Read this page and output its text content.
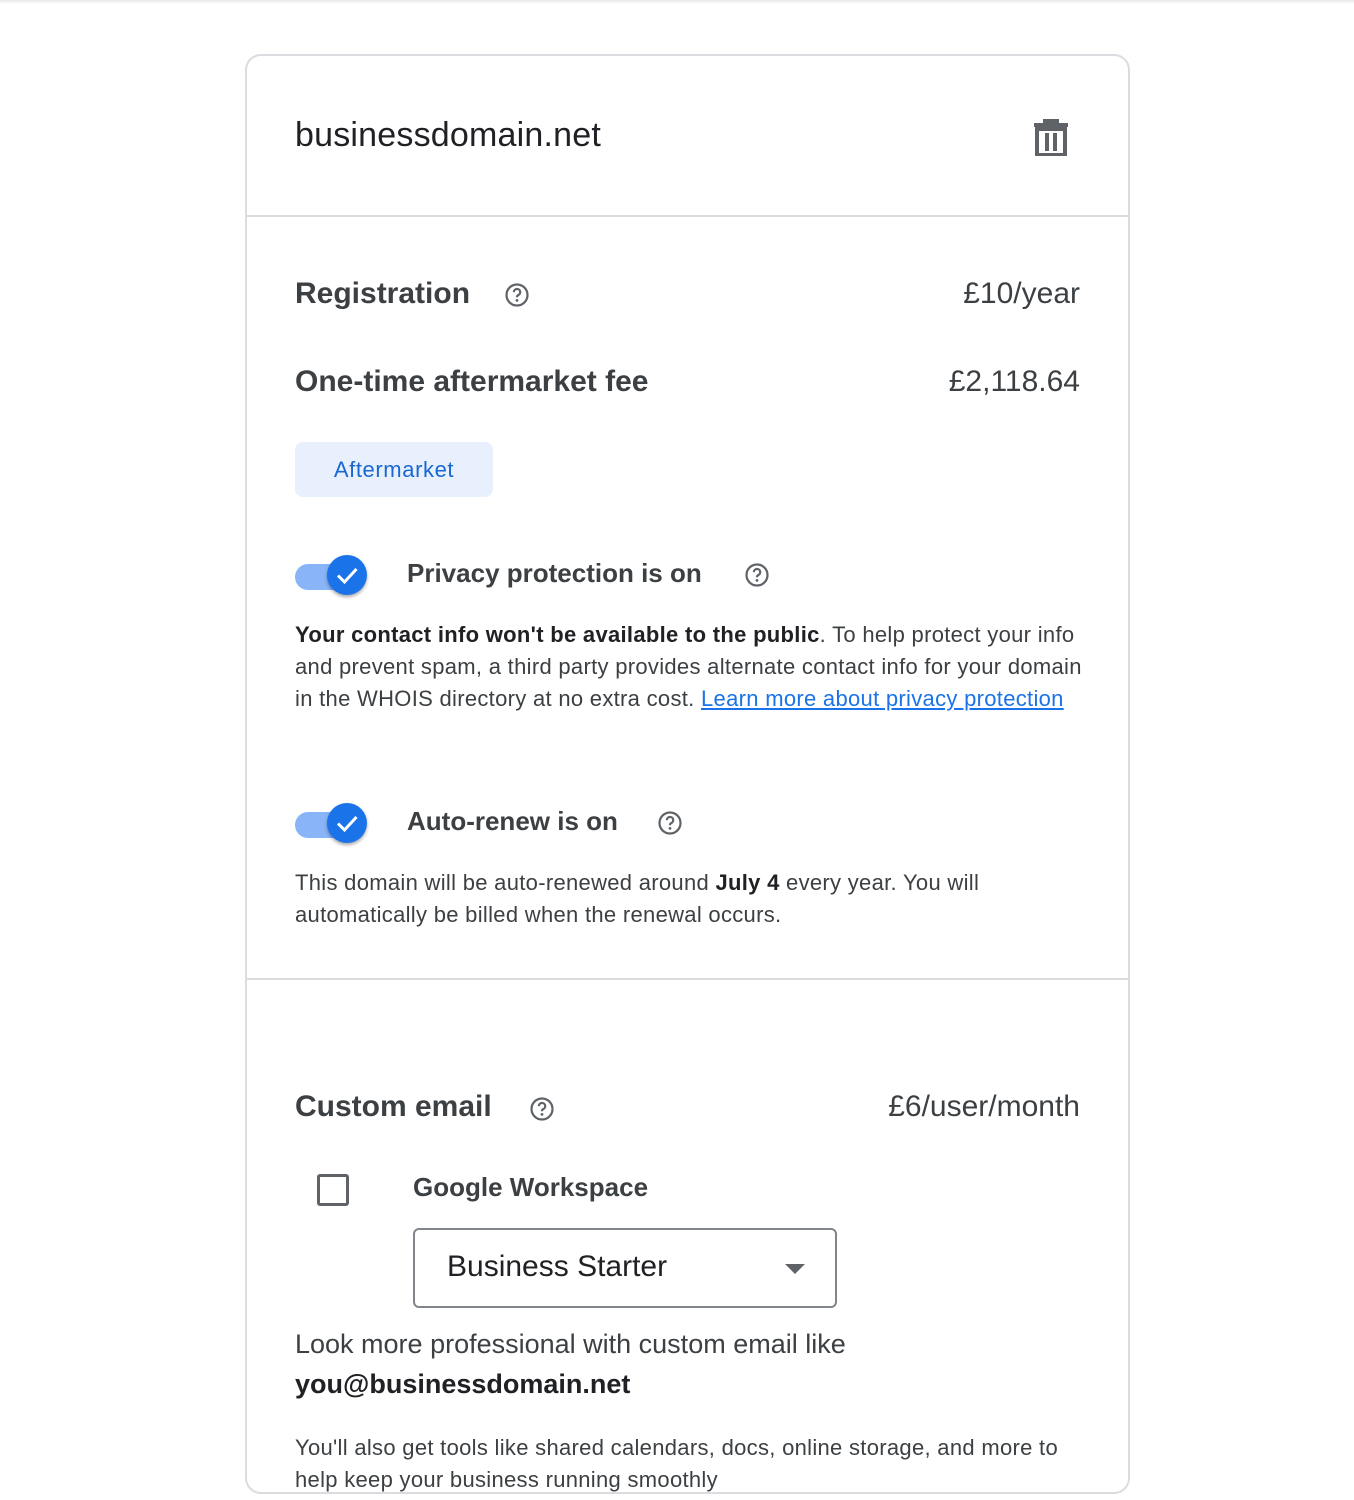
businessdomain.net
Registration	£10/year
One-time aftermarket fee	£2,118.64
Aftermarket
Privacy protection is on

Your contact info won't be available to the public. To help protect your info and prevent spam, a third party provides alternate contact info for your domain in the WHOIS directory at no extra cost. Learn more about privacy protection

Auto-renew is on

This domain will be auto-renewed around July 4 every year. You will automatically be billed when the renewal occurs.

Custom email	£6/user/month
Google Workspace
Business Starter

Look more professional with custom email like
you@businessdomain.net

You'll also get tools like shared calendars, docs, online storage, and more to help keep your business running smoothly
